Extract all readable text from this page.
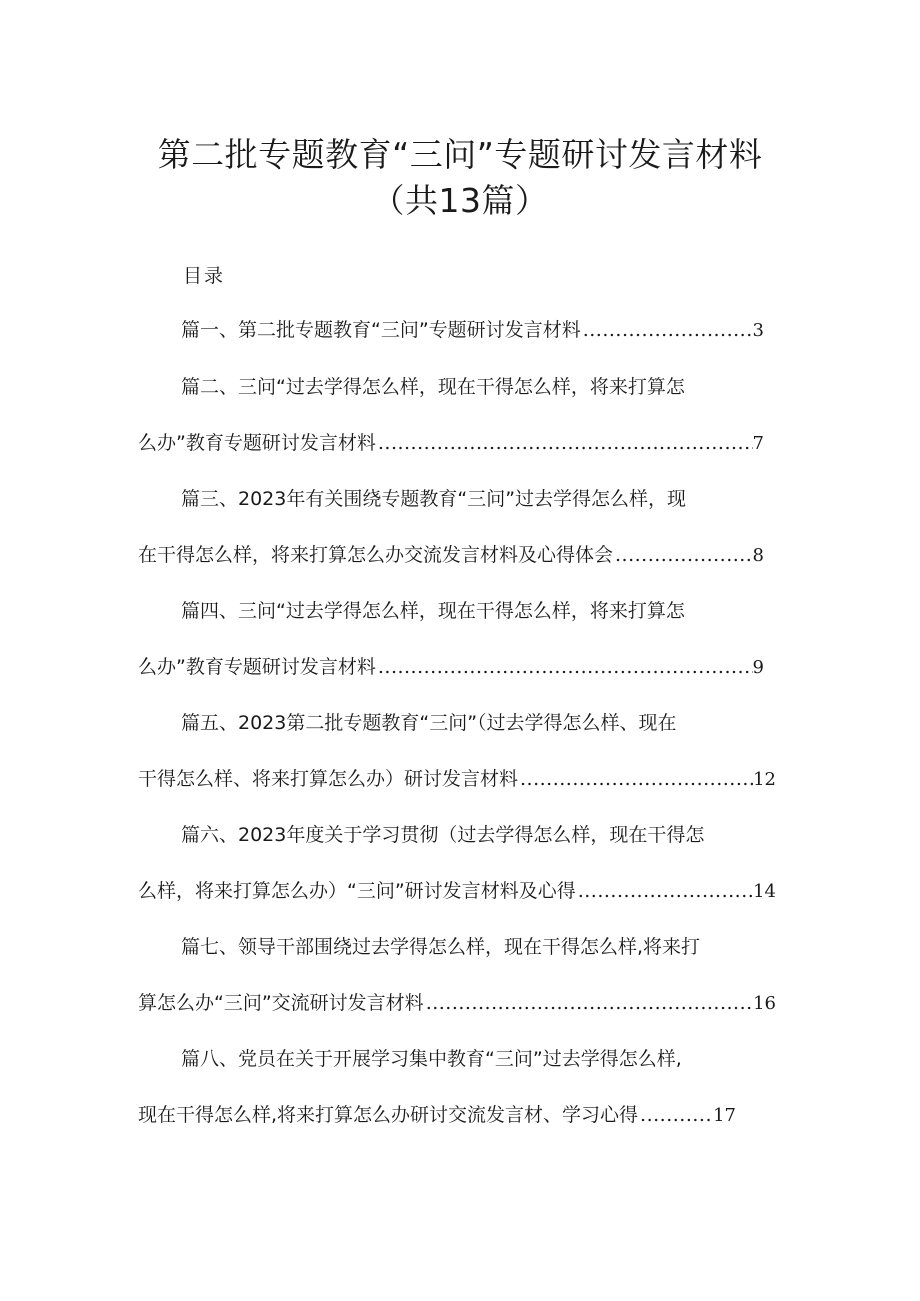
第二批专题教育“三问”专题研讨发言材料
（共13篇）
目录
篇一、第二批专题教育“三问”专题研讨发言材料 .....	3
篇二、三问“过去学得怎么样，现在干得怎么样，将来打算怎
么办”教育专题研讨发言材料 .....	7
篇三、2023年有关围绕专题教育“三问”过去学得怎么样，现
在干得怎么样，将来打算怎么办交流发言材料及心得体会 .....	8
篇四、三问“过去学得怎么样，现在干得怎么样，将来打算怎
么办”教育专题研讨发言材料 .....	9
篇五、2023第二批专题教育“三问”（过去学得怎么样、现在
干得怎么样、将来打算怎么办）研讨发言材料 .....	12
篇六、2023年度关于学习贯彻（过去学得怎么样，现在干得怎
么样，将来打算怎么办）“三问”研讨发言材料及心得 .....	14
篇七、领导干部围绕过去学得怎么样，现在干得怎么样,将来打
算怎么办“三问”交流研讨发言材料 .....	16
篇八、党员在关于开展学习集中教育“三问”过去学得怎么样,
现在干得怎么样,将来打算怎么办研讨交流发言材、学习心得 .....	17
